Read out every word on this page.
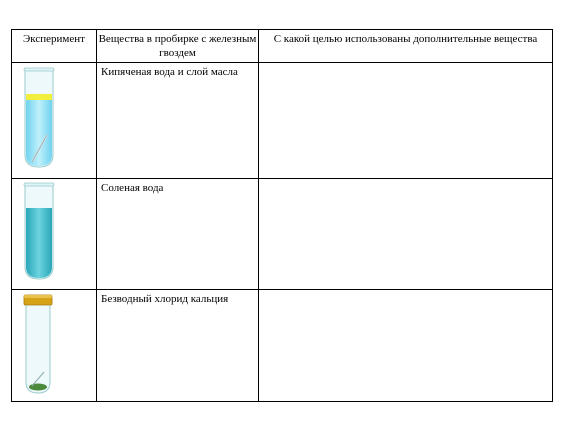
Эксперимент	Вещества в пробирке с железным гвоздем	С какой целью использованы дополнительные вещества

	Кипяченая вода и слой масла	

	Соленая вода	

	Безводный хлорид кальция	
